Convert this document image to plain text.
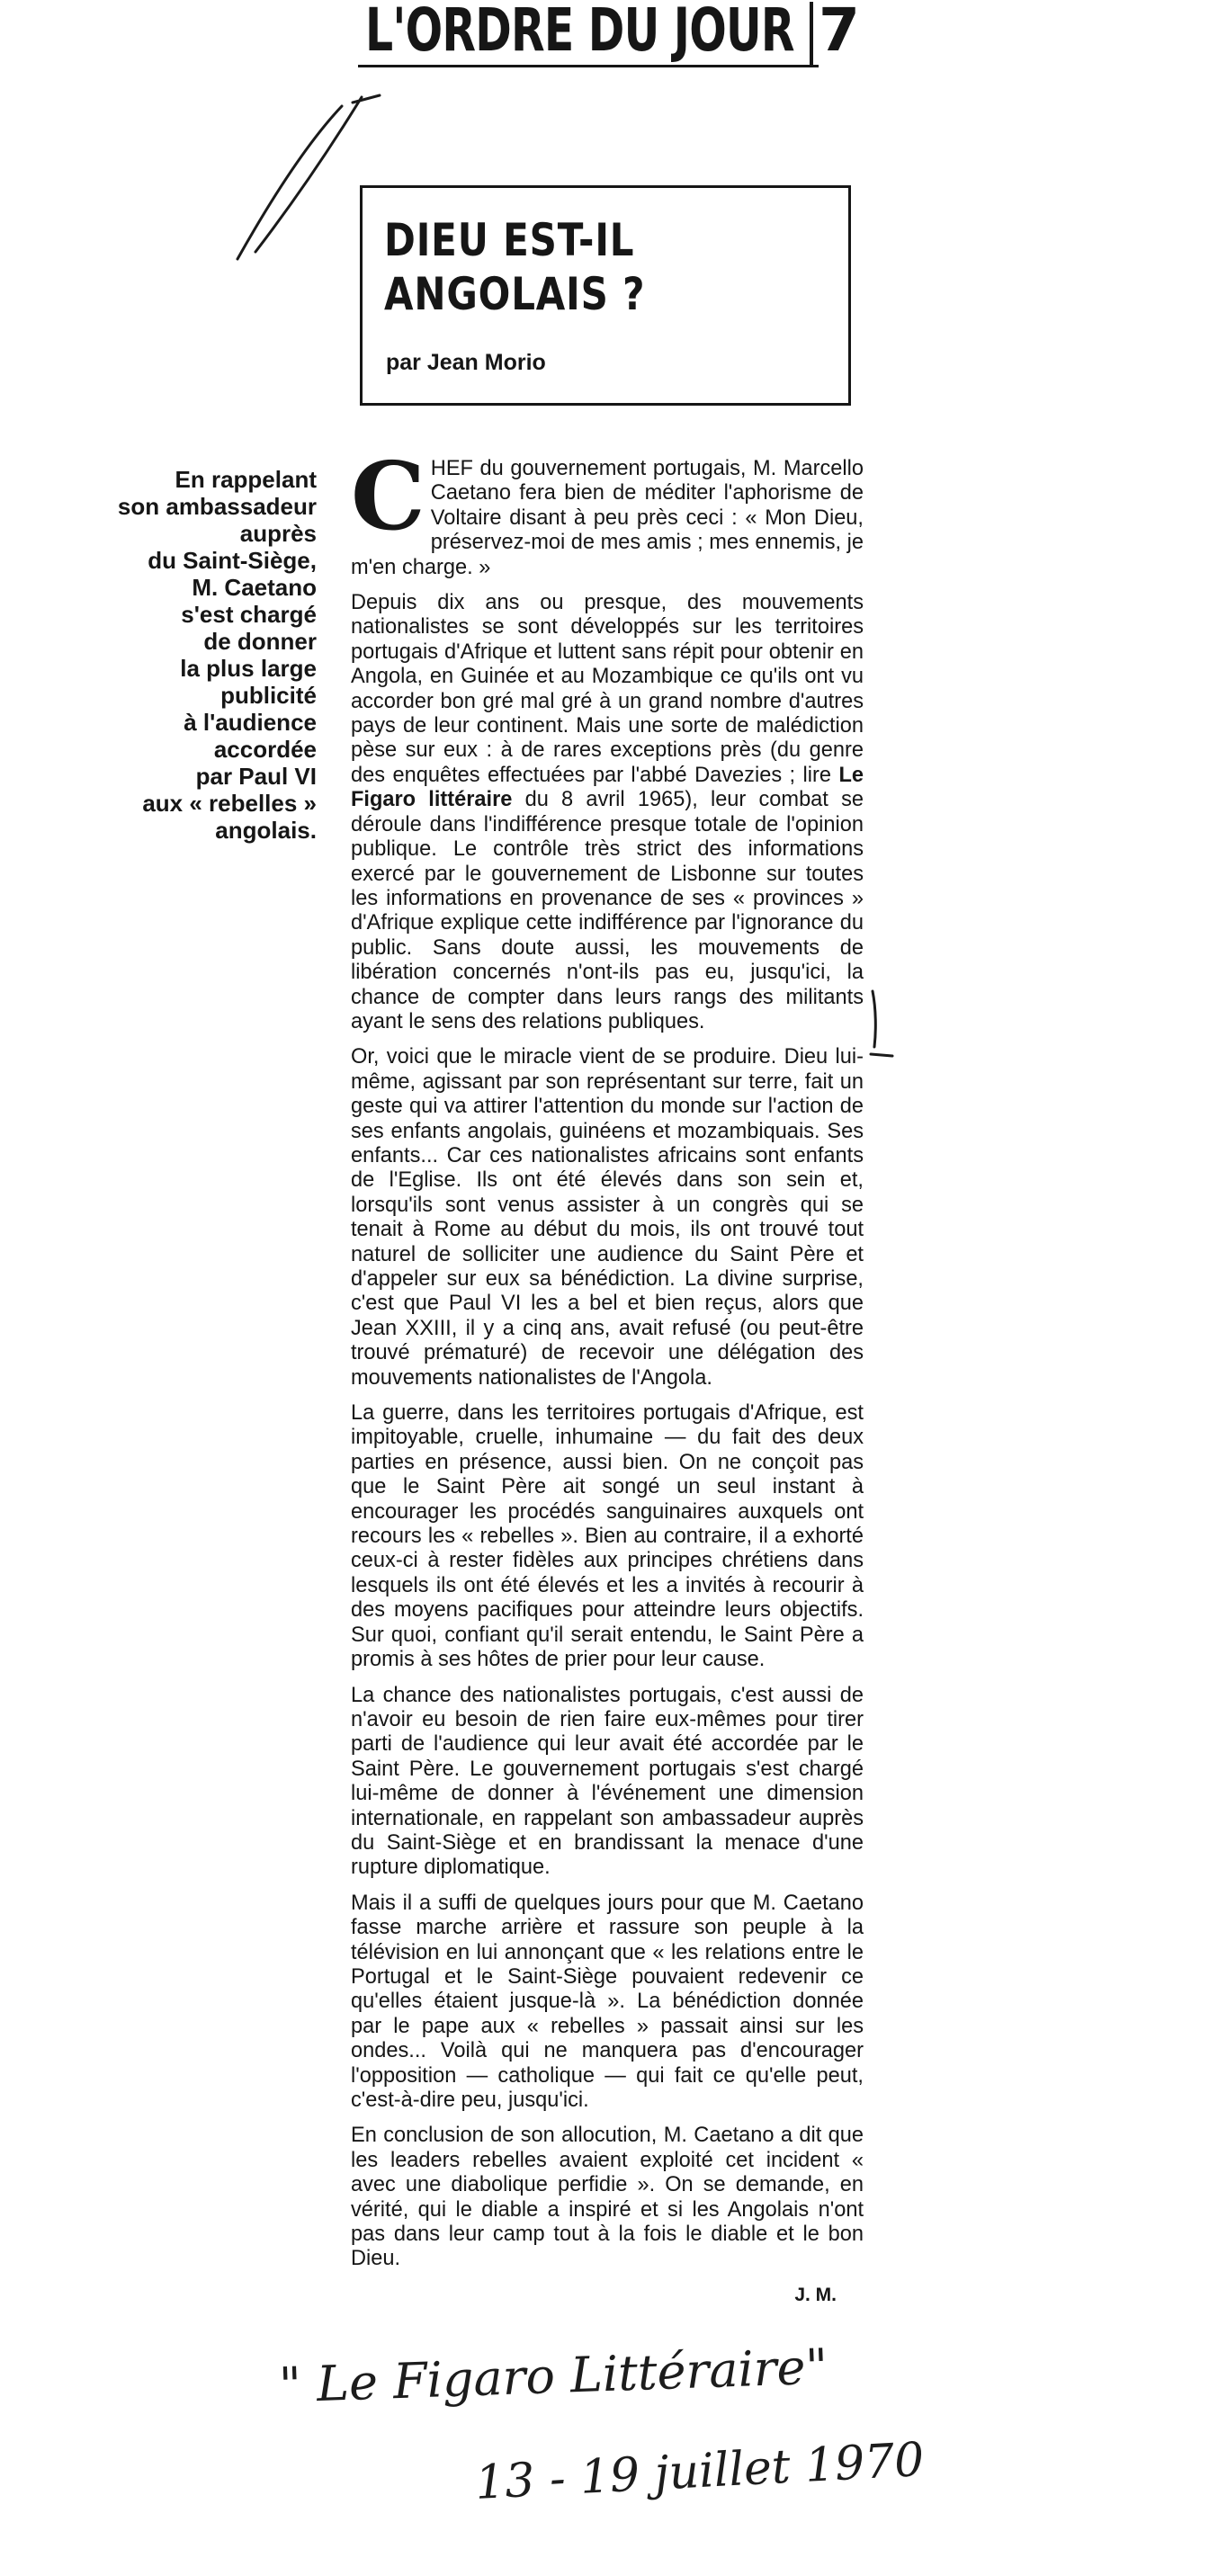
L'ORDRE DU JOUR 7
DIEU EST-IL
ANGOLAIS ?
par Jean Morio
En rappelant
son ambassadeur
auprès
du Saint-Siège,
M. Caetano
s'est chargé
de donner
la plus large
publicité
à l'audience
accordée
par Paul VI
aux « rebelles »
angolais.

CHEF du gouvernement portugais, M. Marcello Caetano fera bien de méditer l'aphorisme de Voltaire disant à peu près ceci : « Mon Dieu, préservez-moi de mes amis ; mes ennemis, je m'en charge. »

Depuis dix ans ou presque, des mouvements nationalistes se sont développés sur les territoires portugais d'Afrique et luttent sans répit pour obtenir en Angola, en Guinée et au Mozambique ce qu'ils ont vu accorder bon gré mal gré à un grand nombre d'autres pays de leur continent. Mais une sorte de malédiction pèse sur eux : à de rares exceptions près (du genre des enquêtes effectuées par l'abbé Davezies ; lire Le Figaro littéraire du 8 avril 1965), leur combat se déroule dans l'indifférence presque totale de l'opinion publique. Le contrôle très strict des informations exercé par le gouvernement de Lisbonne sur toutes les informations en provenance de ses « provinces » d'Afrique explique cette indifférence par l'ignorance du public. Sans doute aussi, les mouvements de libération concernés n'ont-ils pas eu, jusqu'ici, la chance de compter dans leurs rangs des militants ayant le sens des relations publiques.

Or, voici que le miracle vient de se produire. Dieu lui-même, agissant par son représentant sur terre, fait un geste qui va attirer l'attention du monde sur l'action de ses enfants angolais, guinéens et mozambiquais. Ses enfants... Car ces nationalistes africains sont enfants de l'Eglise. Ils ont été élevés dans son sein et, lorsqu'ils sont venus assister à un congrès qui se tenait à Rome au début du mois, ils ont trouvé tout naturel de solliciter une audience du Saint Père et d'appeler sur eux sa bénédiction. La divine surprise, c'est que Paul VI les a bel et bien reçus, alors que Jean XXIII, il y a cinq ans, avait refusé (ou peut-être trouvé prématuré) de recevoir une délégation des mouvements nationalistes de l'Angola.

La guerre, dans les territoires portugais d'Afrique, est impitoyable, cruelle, inhumaine — du fait des deux parties en présence, aussi bien. On ne conçoit pas que le Saint Père ait songé un seul instant à encourager les procédés sanguinaires auxquels ont recours les « rebelles ». Bien au contraire, il a exhorté ceux-ci à rester fidèles aux principes chrétiens dans lesquels ils ont été élevés et les a invités à recourir à des moyens pacifiques pour atteindre leurs objectifs. Sur quoi, confiant qu'il serait entendu, le Saint Père a promis à ses hôtes de prier pour leur cause.

La chance des nationalistes portugais, c'est aussi de n'avoir eu besoin de rien faire eux-mêmes pour tirer parti de l'audience qui leur avait été accordée par le Saint Père. Le gouvernement portugais s'est chargé lui-même de donner à l'événement une dimension internationale, en rappelant son ambassadeur auprès du Saint-Siège et en brandissant la menace d'une rupture diplomatique.

Mais il a suffi de quelques jours pour que M. Caetano fasse marche arrière et rassure son peuple à la télévision en lui annonçant que « les relations entre le Portugal et le Saint-Siège pouvaient redevenir ce qu'elles étaient jusque-là ». La bénédiction donnée par le pape aux « rebelles » passait ainsi sur les ondes... Voilà qui ne manquera pas d'encourager l'opposition — catholique — qui fait ce qu'elle peut, c'est-à-dire peu, jusqu'ici.

En conclusion de son allocution, M. Caetano a dit que les leaders rebelles avaient exploité cet incident « avec une diabolique perfidie ». On se demande, en vérité, qui le diable a inspiré et si les Angolais n'ont pas dans leur camp tout à la fois le diable et le bon Dieu.

J. M.
" Le Figaro Littéraire"
13 - 19 juillet 1970
